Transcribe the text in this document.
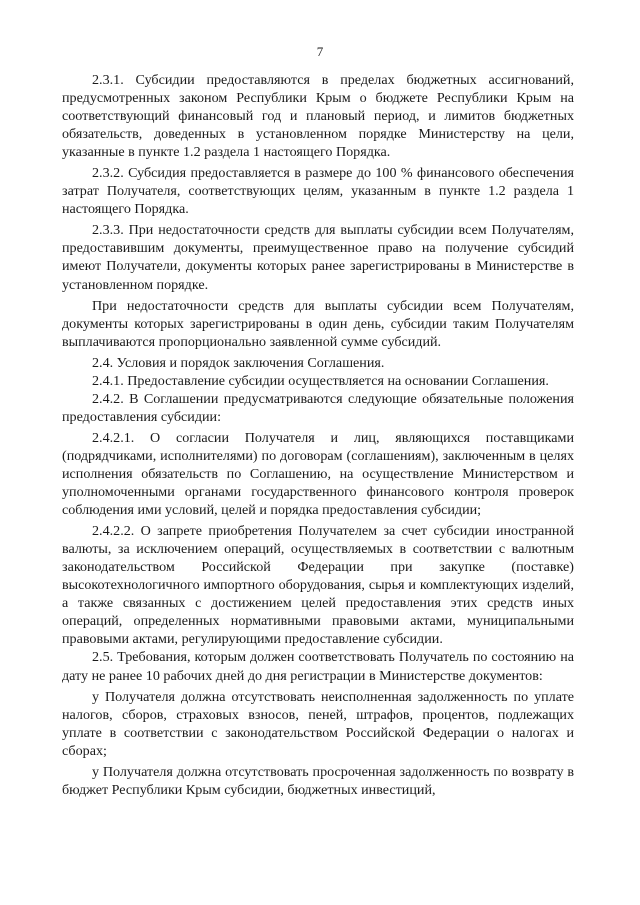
7

2.3.1. Субсидии предоставляются в пределах бюджетных ассигнований, предусмотренных законом Республики Крым о бюджете Республики Крым на соответствующий финансовый год и плановый период, и лимитов бюджетных обязательств, доведенных в установленном порядке Министерству на цели, указанные в пункте 1.2 раздела 1 настоящего Порядка.

2.3.2. Субсидия предоставляется в размере до 100 % финансового обеспечения затрат Получателя, соответствующих целям, указанным в пункте 1.2 раздела 1 настоящего Порядка.

2.3.3. При недостаточности средств для выплаты субсидии всем Получателям, предоставившим документы, преимущественное право на получение субсидий имеют Получатели, документы которых ранее зарегистрированы в Министерстве в установленном порядке.

При недостаточности средств для выплаты субсидии всем Получателям, документы которых зарегистрированы в один день, субсидии таким Получателям выплачиваются пропорционально заявленной сумме субсидий.

2.4. Условия и порядок заключения Соглашения.

2.4.1. Предоставление субсидии осуществляется на основании Соглашения.

2.4.2. В Соглашении предусматриваются следующие обязательные положения предоставления субсидии:

2.4.2.1. О согласии Получателя и лиц, являющихся поставщиками (подрядчиками, исполнителями) по договорам (соглашениям), заключенным в целях исполнения обязательств по Соглашению, на осуществление Министерством и уполномоченными органами государственного финансового контроля проверок соблюдения ими условий, целей и порядка предоставления субсидии;

2.4.2.2. О запрете приобретения Получателем за счет субсидии иностранной валюты, за исключением операций, осуществляемых в соответствии с валютным законодательством Российской Федерации при закупке (поставке) высокотехнологичного импортного оборудования, сырья и комплектующих изделий, а также связанных с достижением целей предоставления этих средств иных операций, определенных нормативными правовыми актами, муниципальными правовыми актами, регулирующими предоставление субсидии.

2.5. Требования, которым должен соответствовать Получатель по состоянию на дату не ранее 10 рабочих дней до дня регистрации в Министерстве документов:

у Получателя должна отсутствовать неисполненная задолженность по уплате налогов, сборов, страховых взносов, пеней, штрафов, процентов, подлежащих уплате в соответствии с законодательством Российской Федерации о налогах и сборах;

у Получателя должна отсутствовать просроченная задолженность по возврату в бюджет Республики Крым субсидии, бюджетных инвестиций,
